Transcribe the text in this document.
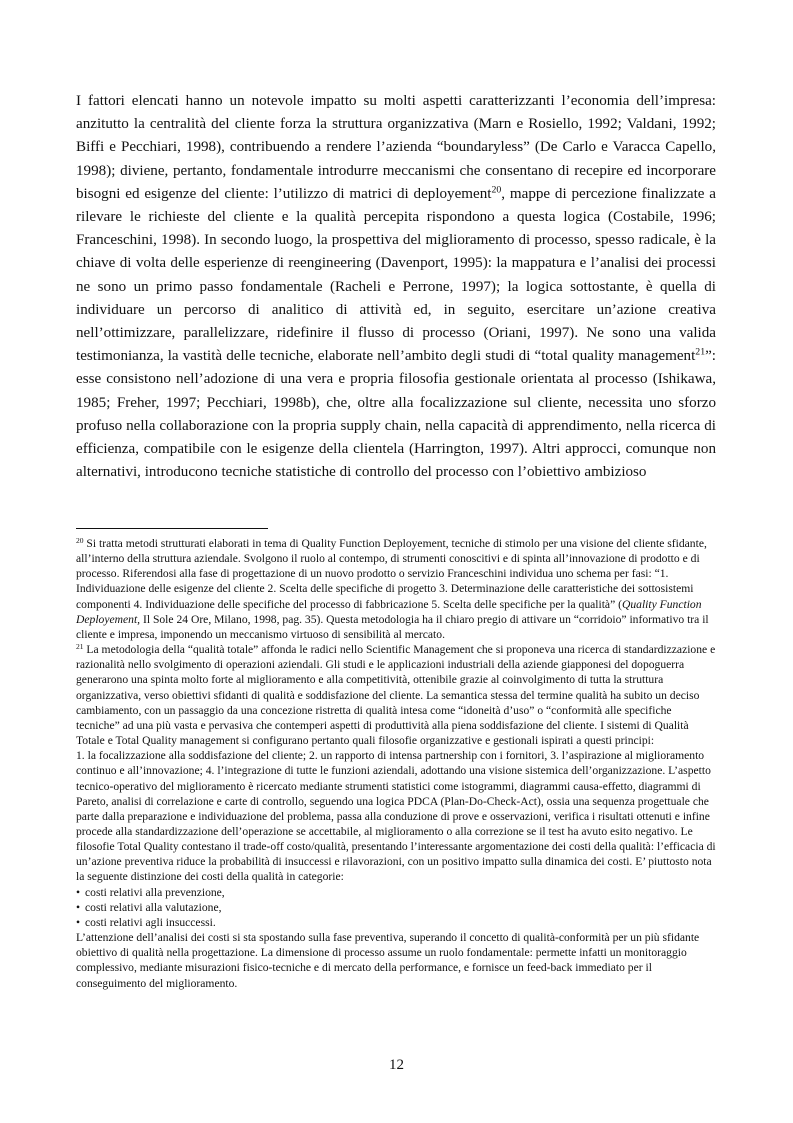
I fattori elencati hanno un notevole impatto su molti aspetti caratterizzanti l’economia dell’impresa: anzitutto la centralità del cliente forza la struttura organizzativa (Marn e Rosiello, 1992; Valdani, 1992; Biffi e Pecchiari, 1998), contribuendo a rendere l’azienda “boundaryless” (De Carlo e Varacca Capello, 1998); diviene, pertanto, fondamentale introdurre meccanismi che consentano di recepire ed incorporare bisogni ed esigenze del cliente: l’utilizzo di matrici di deployement$^{20}$, mappe di percezione finalizzate a rilevare le richieste del cliente e la qualità percepita rispondono a questa logica (Costabile, 1996; Franceschini, 1998). In secondo luogo, la prospettiva del miglioramento di processo, spesso radicale, è la chiave di volta delle esperienze di reengineering (Davenport, 1995): la mappatura e l’analisi dei processi ne sono un primo passo fondamentale (Racheli e Perrone, 1997); la logica sottostante, è quella di individuare un percorso di analitico di attività ed, in seguito, esercitare un’azione creativa nell’ottimizzare, parallelizzare, ridefinire il flusso di processo (Oriani, 1997). Ne sono una valida testimonianza, la vastità delle tecniche, elaborate nell’ambito degli studi di “total quality management$^{21}$”: esse consistono nell’adozione di una vera e propria filosofia gestionale orientata al processo (Ishikawa, 1985; Freher, 1997; Pecchiari, 1998b), che, oltre alla focalizzazione sul cliente, necessita uno sforzo profuso nella collaborazione con la propria supply chain, nella capacità di apprendimento, nella ricerca di efficienza, compatibile con le esigenze della clientela (Harrington, 1997). Altri approcci, comunque non alternativi, introducono tecniche statistiche di controllo del processo con l’obiettivo ambizioso

$^{20}$ Si tratta metodi strutturati elaborati in tema di Quality Function Deployement, tecniche di stimolo per una visione del cliente sfidante, all’interno della struttura aziendale. Svolgono il ruolo al contempo, di strumenti conoscitivi e di spinta all’innovazione di prodotto e di processo. Riferendosi alla fase di progettazione di un nuovo prodotto o servizio Franceschini individua uno schema per fasi: “1. Individuazione delle esigenze del cliente 2. Scelta delle specifiche di progetto 3. Determinazione delle caratteristiche dei sottosistemi componenti 4. Individuazione delle specifiche del processo di fabbricazione 5. Scelta delle specifiche per la qualità” (Quality Function Deployement, Il Sole 24 Ore, Milano, 1998, pag. 35). Questa metodologia ha il chiaro pregio di attivare un “corridoio” informativo tra il cliente e impresa, imponendo un meccanismo virtuoso di sensibilità al mercato.

$^{21}$ La metodologia della “qualità totale” affonda le radici nello Scientific Management che si proponeva una ricerca di standardizzazione e razionalità nello svolgimento di operazioni aziendali. Gli studi e le applicazioni industriali della aziende giapponesi del dopoguerra generarono una spinta molto forte al miglioramento e alla competitività, ottenibile grazie al coinvolgimento di tutta la struttura organizzativa, verso obiettivi sfidanti di qualità e soddisfazione del cliente. La semantica stessa del termine qualità ha subito un deciso cambiamento, con un passaggio da una concezione ristretta di qualità intesa come “idoneità d’uso” o “conformità alle specifiche tecniche” ad una più vasta e pervasiva che contemperi aspetti di produttività alla piena soddisfazione del cliente. I sistemi di Qualità Totale e Total Quality management si configurano pertanto quali filosofie organizzative e gestionali ispirati a questi principi:
1. la focalizzazione alla soddisfazione del cliente; 2. un rapporto di intensa partnership con i fornitori, 3. l’aspirazione al miglioramento continuo e all’innovazione; 4. l’integrazione di tutte le funzioni aziendali, adottando una visione sistemica dell’organizzazione. L’aspetto tecnico-operativo del miglioramento è ricercato mediante strumenti statistici come istogrammi, diagrammi causa-effetto, diagrammi di Pareto, analisi di correlazione e carte di controllo, seguendo una logica PDCA (Plan-Do-Check-Act), ossia una sequenza progettuale che parte dalla preparazione e individuazione del problema, passa alla conduzione di prove e osservazioni, verifica i risultati ottenuti e infine procede alla standardizzazione dell’operazione se accettabile, al miglioramento o alla correzione se il test ha avuto esito negativo. Le filosofie Total Quality contestano il trade-off costo/qualità, presentando l’interessante argomentazione dei costi della qualità: l’efficacia di un’azione preventiva riduce la probabilità di insuccessi e rilavorazioni, con un positivo impatto sulla dinamica dei costi. E’ piuttosto nota la seguente distinzione dei costi della qualità in categorie:
• costi relativi alla prevenzione,
• costi relativi alla valutazione,
• costi relativi agli insuccessi.
L’attenzione dell’analisi dei costi si sta spostando sulla fase preventiva, superando il concetto di qualità-conformità per un più sfidante obiettivo di qualità nella progettazione. La dimensione di processo assume un ruolo fondamentale: permette infatti un monitoraggio complessivo, mediante misurazioni fisico-tecniche e di mercato della performance, e fornisce un feed-back immediato per il conseguimento del miglioramento.
12
